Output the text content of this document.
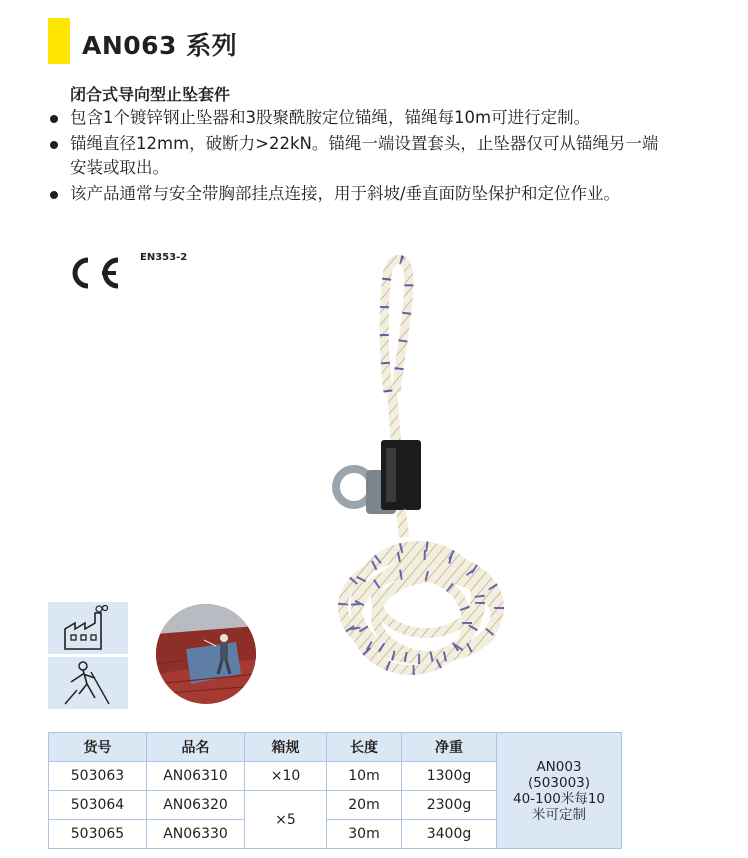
AN063 系列
闭合式导向型止坠套件
包含1个镀锌钢止坠器和3股聚酰胺定位锚绳，锚绳每10m可进行定制。
锚绳直径12mm，破断力>22kN。锚绳一端设置套头，止坠器仅可从锚绳另一端安装或取出。
该产品通常与安全带胸部挂点连接，用于斜坡/垂直面防坠保护和定位作业。
EN353-2
货号	品名	箱规	长度	净重	AN003
(503003)
40-100米每10
米可定制

503063	AN06310	×10	10m	1300g	
503064	AN06320	×5	20m	2300g	
503065	AN06330		30m	3400g	
